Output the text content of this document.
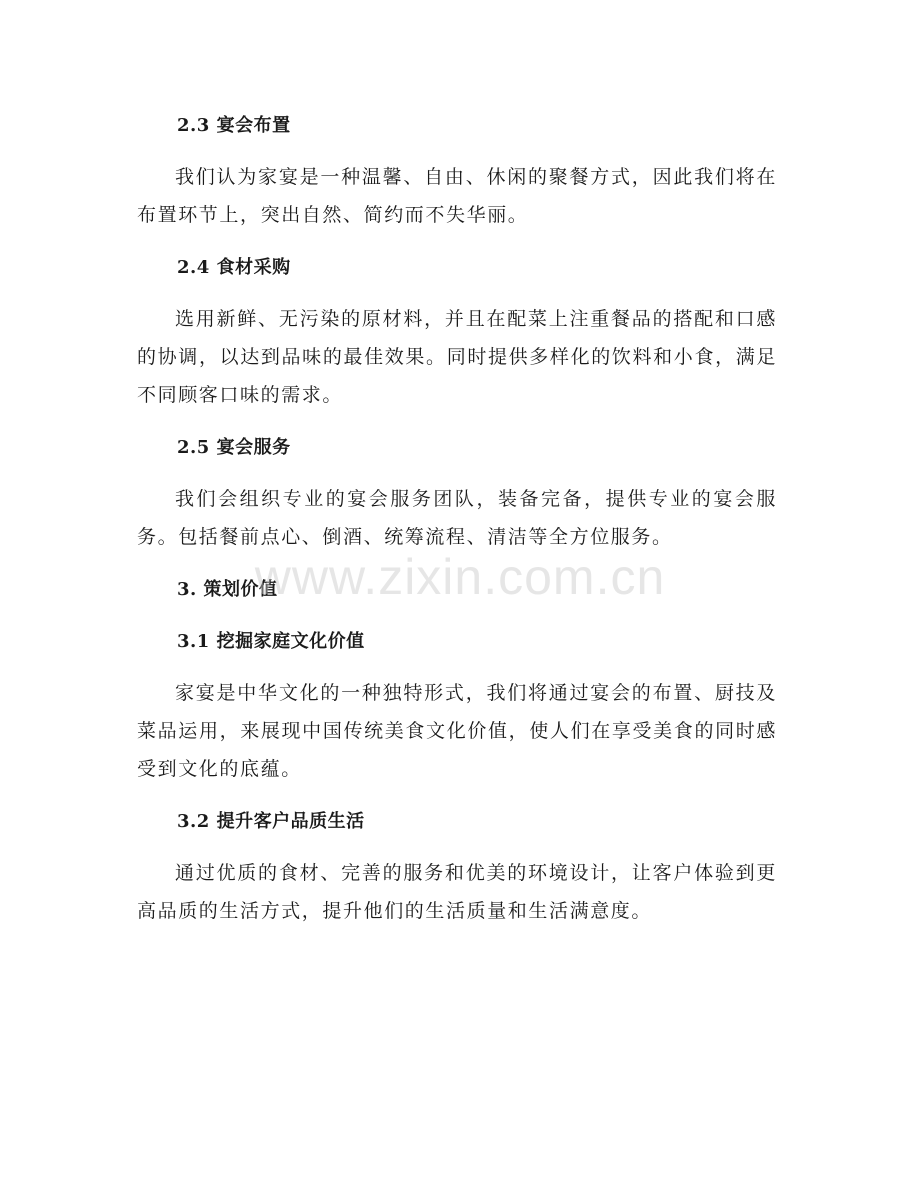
2.3 宴会布置

我们认为家宴是一种温馨、自由、休闲的聚餐方式，因此我们将在布置环节上，突出自然、简约而不失华丽。

2.4 食材采购

选用新鲜、无污染的原材料，并且在配菜上注重餐品的搭配和口感的协调，以达到品味的最佳效果。同时提供多样化的饮料和小食，满足不同顾客口味的需求。

2.5 宴会服务

我们会组织专业的宴会服务团队，装备完备，提供专业的宴会服务。包括餐前点心、倒酒、统筹流程、清洁等全方位服务。

3. 策划价值
3.1 挖掘家庭文化价值

家宴是中华文化的一种独特形式，我们将通过宴会的布置、厨技及菜品运用，来展现中国传统美食文化价值，使人们在享受美食的同时感受到文化的底蕴。

3.2 提升客户品质生活

通过优质的食材、完善的服务和优美的环境设计，让客户体验到更高品质的生活方式，提升他们的生活质量和生活满意度。

www.zixin.com.cn
